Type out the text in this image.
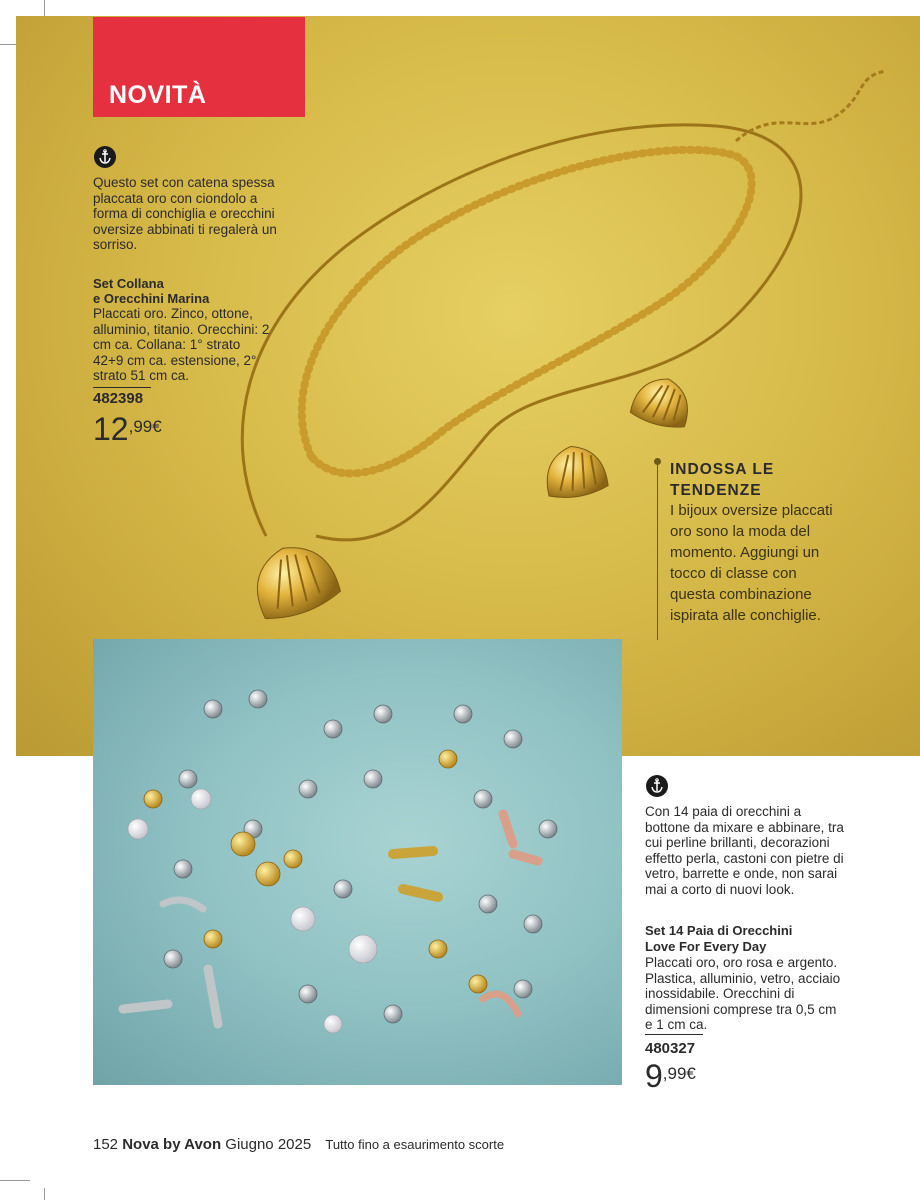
NOVITÀ
Questo set con catena spessa placcata oro con ciondolo a forma di conchiglia e orecchini oversize abbinati ti regalerà un sorriso.
Set Collana
e Orecchini Marina
Placcati oro. Zinco, ottone, alluminio, titanio. Orecchini: 2 cm ca. Collana: 1° strato 42+9 cm ca. estensione, 2° strato 51 cm ca.
482398
$12^{,99€}$
INDOSSA LE TENDENZE
I bijoux oversize placcati oro sono la moda del momento. Aggiungi un tocco di classe con questa combinazione ispirata alle conchiglie.
Con 14 paia di orecchini a bottone da mixare e abbinare, tra cui perline brillanti, decorazioni effetto perla, castoni con pietre di vetro, barrette e onde, non sarai mai a corto di nuovi look.
Set 14 Paia di Orecchini
Love For Every Day
Placcati oro, oro rosa e argento. Plastica, alluminio, vetro, acciaio inossidabile. Orecchini di dimensioni comprese tra 0,5 cm e 1 cm ca.
480327
$9^{,99€}$
152 Nova by Avon Giugno 2025 Tutto fino a esaurimento scorte
